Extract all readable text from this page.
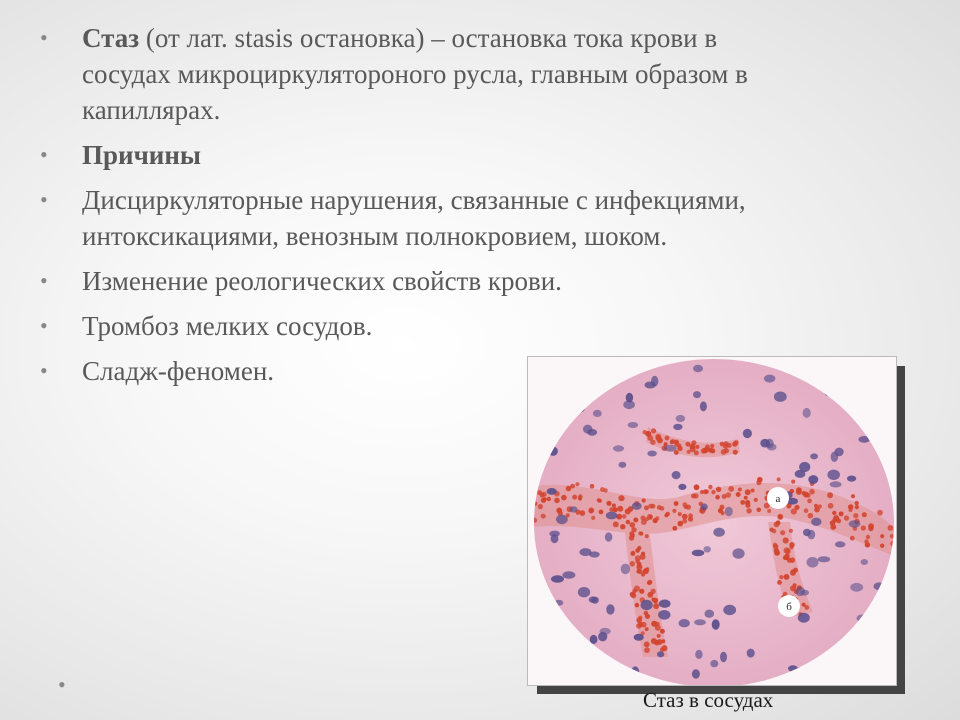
• Стаз (от лат. stasis остановка) – остановка тока крови в сосудах микроциркулятороного русла, главным образом в капиллярах.
• Причины
• Дисциркуляторные нарушения, связанные с инфекциями, интоксикациями, венозным полнокровием, шоком.
• Изменение реологических свойств крови.
• Тромбоз мелких сосудов.
• Сладж-феномен.
•
а
б
Стаз в сосудах
